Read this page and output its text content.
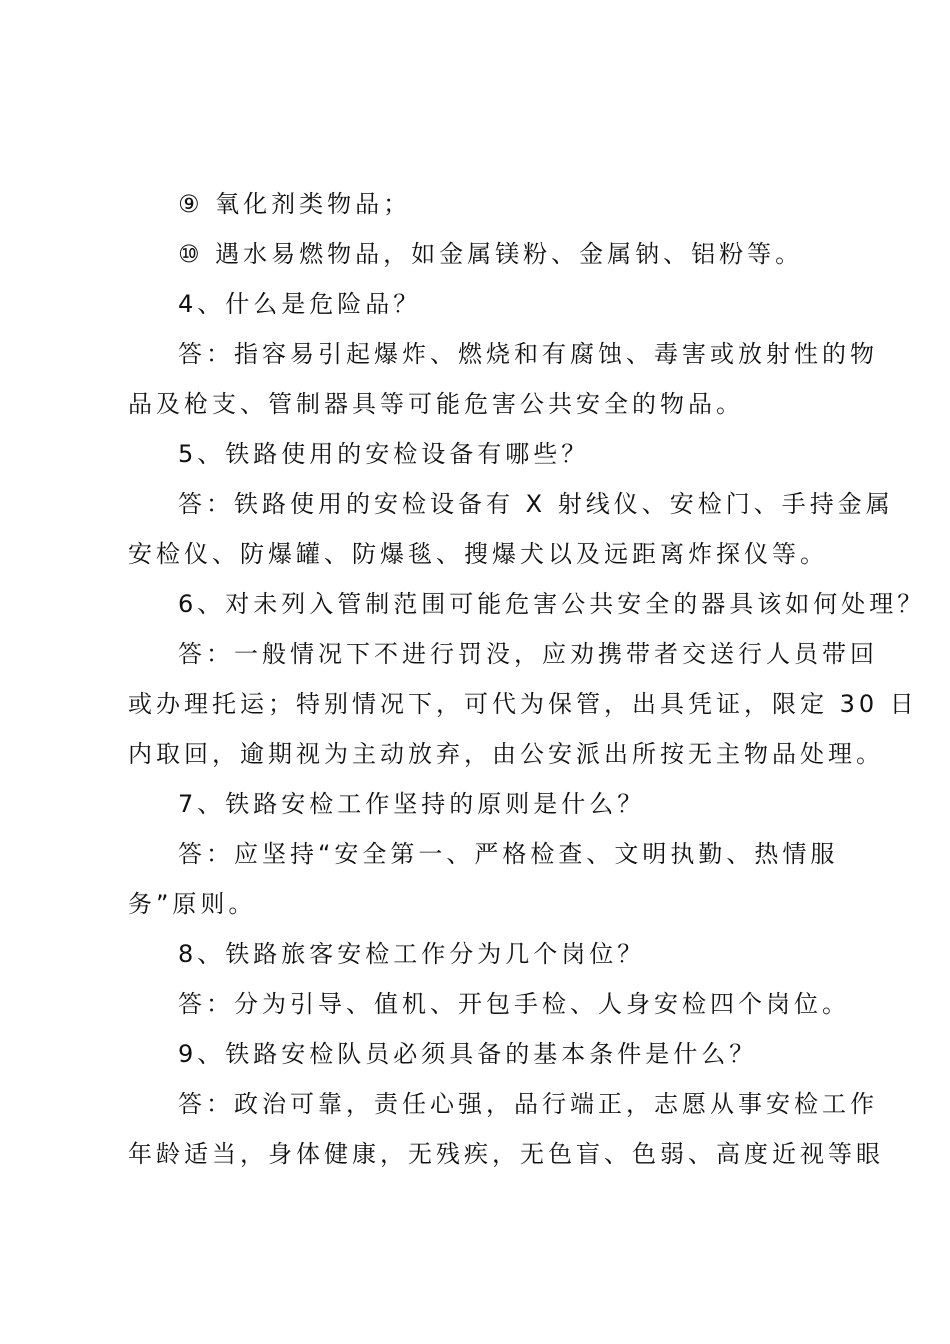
⑨ 氧化剂类物品；
⑩ 遇水易燃物品，如金属镁粉、金属钠、铝粉等。
4、什么是危险品？
答：指容易引起爆炸、燃烧和有腐蚀、毒害或放射性的物
品及枪支、管制器具等可能危害公共安全的物品。
5、铁路使用的安检设备有哪些？
答：铁路使用的安检设备有 X 射线仪、安检门、手持金属
安检仪、防爆罐、防爆毯、搜爆犬以及远距离炸探仪等。
6、对未列入管制范围可能危害公共安全的器具该如何处理？
答：一般情况下不进行罚没，应劝携带者交送行人员带回
或办理托运；特别情况下，可代为保管，出具凭证，限定 30 日
内取回，逾期视为主动放弃，由公安派出所按无主物品处理。
7、铁路安检工作坚持的原则是什么？
答：应坚持“安全第一、严格检查、文明执勤、热情服
务”原则。
8、铁路旅客安检工作分为几个岗位？
答：分为引导、值机、开包手检、人身安检四个岗位。
9、铁路安检队员必须具备的基本条件是什么？
答：政治可靠，责任心强，品行端正，志愿从事安检工作
年龄适当，身体健康，无残疾，无色盲、色弱、高度近视等眼
